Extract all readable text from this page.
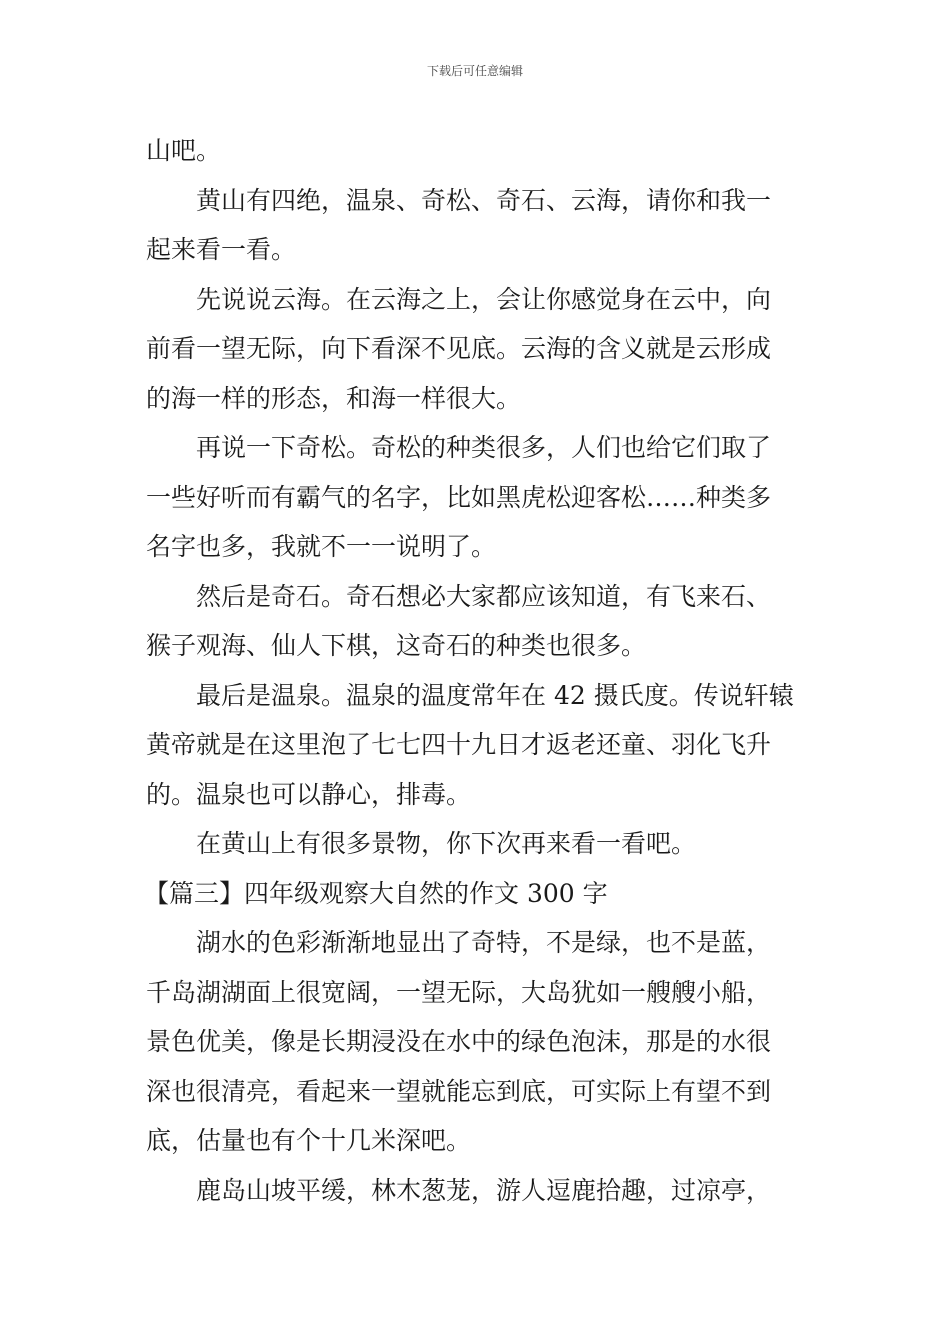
下载后可任意编辑
山吧。
黄山有四绝，温泉、奇松、奇石、云海，请你和我一
起来看一看。
先说说云海。在云海之上，会让你感觉身在云中，向
前看一望无际，向下看深不见底。云海的含义就是云形成
的海一样的形态，和海一样很大。
再说一下奇松。奇松的种类很多，人们也给它们取了
一些好听而有霸气的名字，比如黑虎松迎客松……种类多
名字也多，我就不一一说明了。
然后是奇石。奇石想必大家都应该知道，有飞来石、
猴子观海、仙人下棋，这奇石的种类也很多。
最后是温泉。温泉的温度常年在 42 摄氏度。传说轩辕
黄帝就是在这里泡了七七四十九日才返老还童、羽化飞升
的。温泉也可以静心，排毒。
在黄山上有很多景物，你下次再来看一看吧。
【篇三】四年级观察大自然的作文 300 字
湖水的色彩渐渐地显出了奇特，不是绿，也不是蓝，
千岛湖湖面上很宽阔，一望无际，大岛犹如一艘艘小船，
景色优美，像是长期浸没在水中的绿色泡沫，那是的水很
深也很清亮，看起来一望就能忘到底，可实际上有望不到
底，估量也有个十几米深吧。
鹿岛山坡平缓，林木葱茏，游人逗鹿拾趣，过凉亭，
